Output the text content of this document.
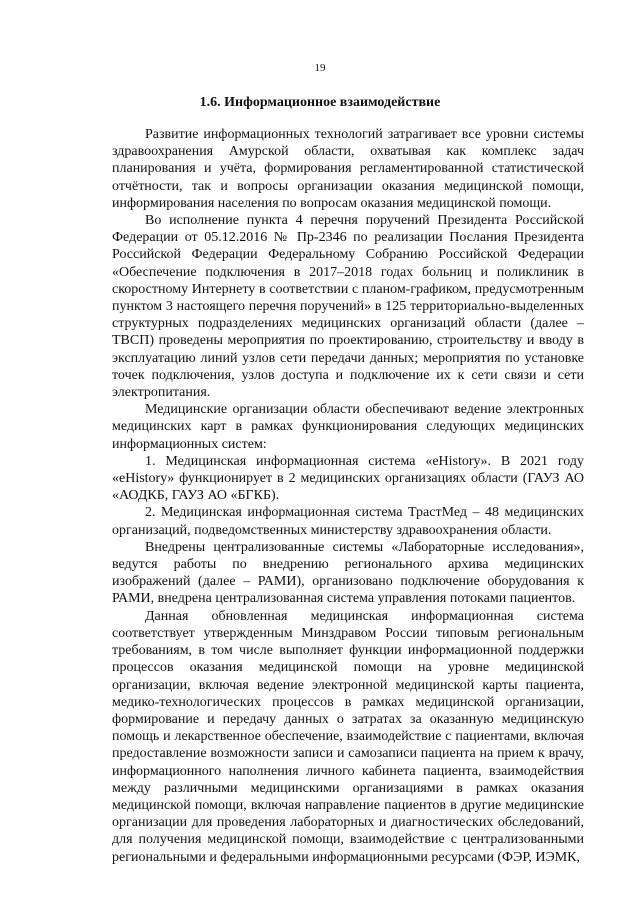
19
1.6. Информационное взаимодействие

Развитие информационных технологий затрагивает все уровни системы здравоохранения Амурской области, охватывая как комплекс задач планирования и учёта, формирования регламентированной статистической отчётности, так и вопросы организации оказания медицинской помощи, информирования населения по вопросам оказания медицинской помощи.

Во исполнение пункта 4 перечня поручений Президента Российской Федерации от 05.12.2016 № Пр-2346 по реализации Послания Президента Российской Федерации Федеральному Собранию Российской Федерации «Обеспечение подключения в 2017–2018 годах больниц и поликлиник в скоростному Интернету в соответствии с планом-графиком, предусмотренным пунктом 3 настоящего перечня поручений» в 125 территориально-выделенных структурных подразделениях медицинских организаций области (далее – ТВСП) проведены мероприятия по проектированию, строительству и вводу в эксплуатацию линий узлов сети передачи данных; мероприятия по установке точек подключения, узлов доступа и подключение их к сети связи и сети электропитания.

Медицинские организации области обеспечивают ведение электронных медицинских карт в рамках функционирования следующих медицинских информационных систем:

1. Медицинская информационная система «eHistory». В 2021 году «eHistory» функционирует в 2 медицинских организациях области (ГАУЗ АО «АОДКБ, ГАУЗ АО «БГКБ).

2. Медицинская информационная система ТрастМед – 48 медицинских организаций, подведомственных министерству здравоохранения области.

Внедрены централизованные системы «Лабораторные исследования», ведутся работы по внедрению регионального архива медицинских изображений (далее – РАМИ), организовано подключение оборудования к РАМИ, внедрена централизованная система управления потоками пациентов.

Данная обновленная медицинская информационная система соответствует утвержденным Минздравом России типовым региональным требованиям, в том числе выполняет функции информационной поддержки процессов оказания медицинской помощи на уровне медицинской организации, включая ведение электронной медицинской карты пациента, медико-технологических процессов в рамках медицинской организации, формирование и передачу данных о затратах за оказанную медицинскую помощь и лекарственное обеспечение, взаимодействие с пациентами, включая предоставление возможности записи и самозаписи пациента на прием к врачу, информационного наполнения личного кабинета пациента, взаимодействия между различными медицинскими организациями в рамках оказания медицинской помощи, включая направление пациентов в другие медицинские организации для проведения лабораторных и диагностических обследований, для получения медицинской помощи, взаимодействие с централизованными региональными и федеральными информационными ресурсами (ФЭР, ИЭМК,
